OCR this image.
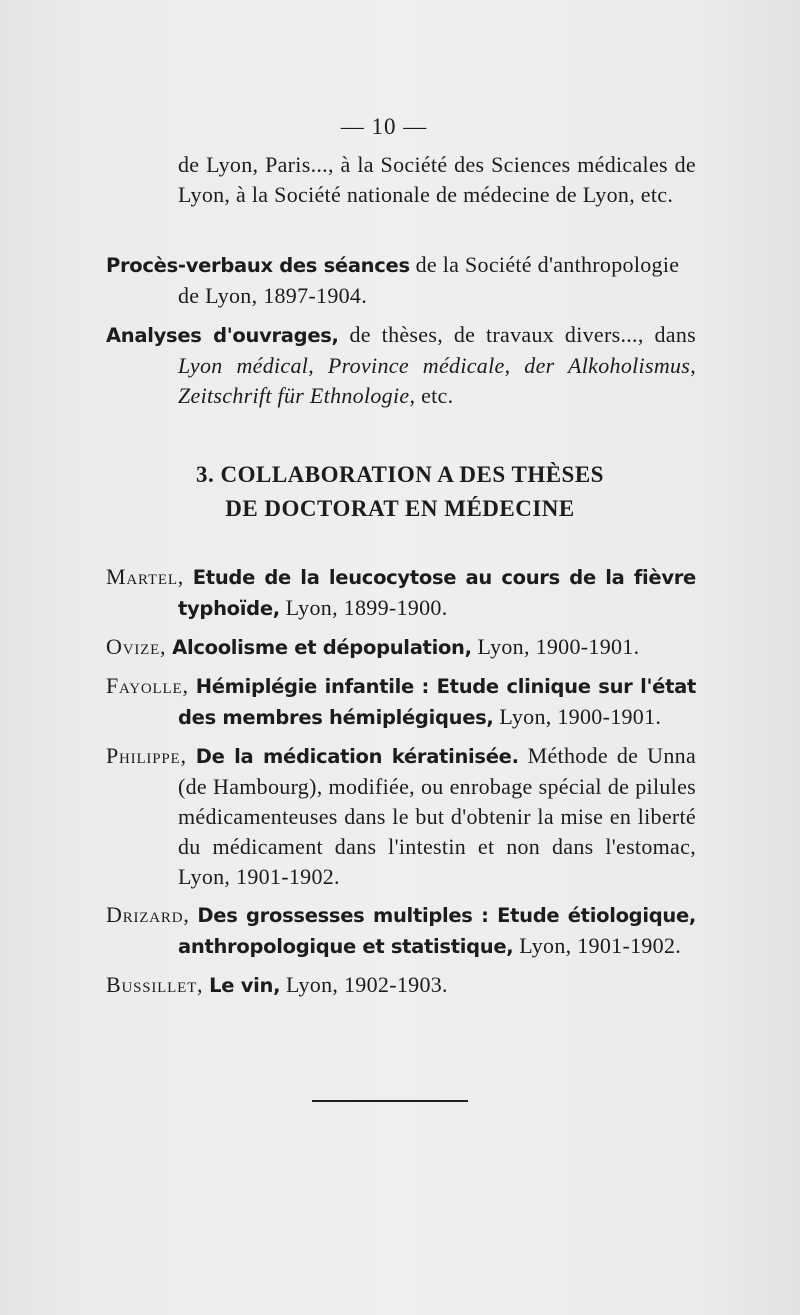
— 10 —

de Lyon, Paris..., à la Société des Sciences médicales de Lyon, à la Société nationale de médecine de Lyon, etc.

Procès-verbaux des séances de la Société d'anthropologie de Lyon, 1897-1904.

Analyses d'ouvrages, de thèses, de travaux divers..., dans Lyon médical, Province médicale, der Alkoholismus, Zeitschrift für Ethnologie, etc.

3. COLLABORATION A DES THÈSES

DE DOCTORAT EN MÉDECINE

Martel, Etude de la leucocytose au cours de la fièvre typhoïde, Lyon, 1899-1900.

Ovize, Alcoolisme et dépopulation, Lyon, 1900-1901.

Fayolle, Hémiplégie infantile : Etude clinique sur l'état des membres hémiplégiques, Lyon, 1900-1901.

Philippe, De la médication kératinisée. Méthode de Unna (de Hambourg), modifiée, ou enrobage spécial de pilules médicamenteuses dans le but d'obtenir la mise en liberté du médicament dans l'intestin et non dans l'estomac, Lyon, 1901-1902.

Drizard, Des grossesses multiples : Etude étiologique, anthropologique et statistique, Lyon, 1901-1902.

Bussillet, Le vin, Lyon, 1902-1903.
